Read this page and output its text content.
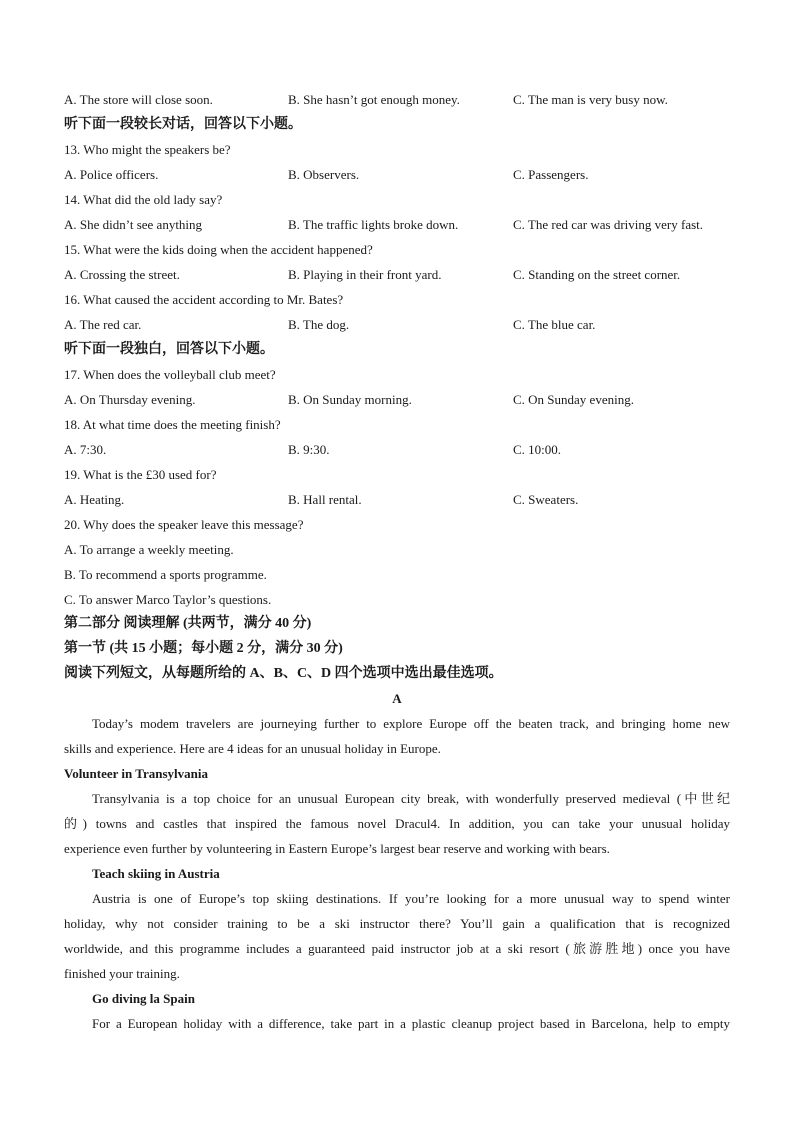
A. The store will close soon.	B. She hasn’t got enough money.	C. The man is very busy now.
听下面一段较长对话，回答以下小题。
13. Who might the speakers be?
A. Police officers.	B. Observers.	C. Passengers.
14. What did the old lady say?
A. She didn’t see anything	B. The traffic lights broke down.	C. The red car was driving very fast.
15. What were the kids doing when the accident happened?
A. Crossing the street.	B. Playing in their front yard.	C. Standing on the street corner.
16. What caused the accident according to Mr. Bates?
A. The red car.	B. The dog.	C. The blue car.
听下面一段独白，回答以下小题。
17. When does the volleyball club meet?
A. On Thursday evening.	B. On Sunday morning.	C. On Sunday evening.
18. At what time does the meeting finish?
A. 7:30.	B. 9:30.	C. 10:00.
19. What is the £30 used for?
A. Heating.	B. Hall rental.	C. Sweaters.
20. Why does the speaker leave this message?
A. To arrange a weekly meeting.
B. To recommend a sports programme.
C. To answer Marco Taylor’s questions.
第二部分 阅读理解 (共两节，满分 40 分)
第一节 (共 15 小题；每小题 2 分，满分 30 分)
阅读下列短文，从每题所给的 A、B、C、D 四个选项中选出最佳选项。
A
Today’s modem travelers are journeying further to explore Europe off the beaten track, and bringing home new
skills and experience. Here are 4 ideas for an unusual holiday in Europe.
Volunteer in Transylvania
Transylvania is a top choice for an unusual European city break, with wonderfully preserved medieval (中世纪
的) towns and castles that inspired the famous novel Dracul4. In addition, you can take your unusual holiday
experience even further by volunteering in Eastern Europe’s largest bear reserve and working with bears.
Teach skiing in Austria
Austria is one of Europe’s top skiing destinations. If you’re looking for a more unusual way to spend winter
holiday, why not consider training to be a ski instructor there? You’ll gain a qualification that is recognized
worldwide, and this programme includes a guaranteed paid instructor job at a ski resort (旅游胜地) once you have
finished your training.
Go diving la Spain
For a European holiday with a difference, take part in a plastic cleanup project based in Barcelona, help to empty
